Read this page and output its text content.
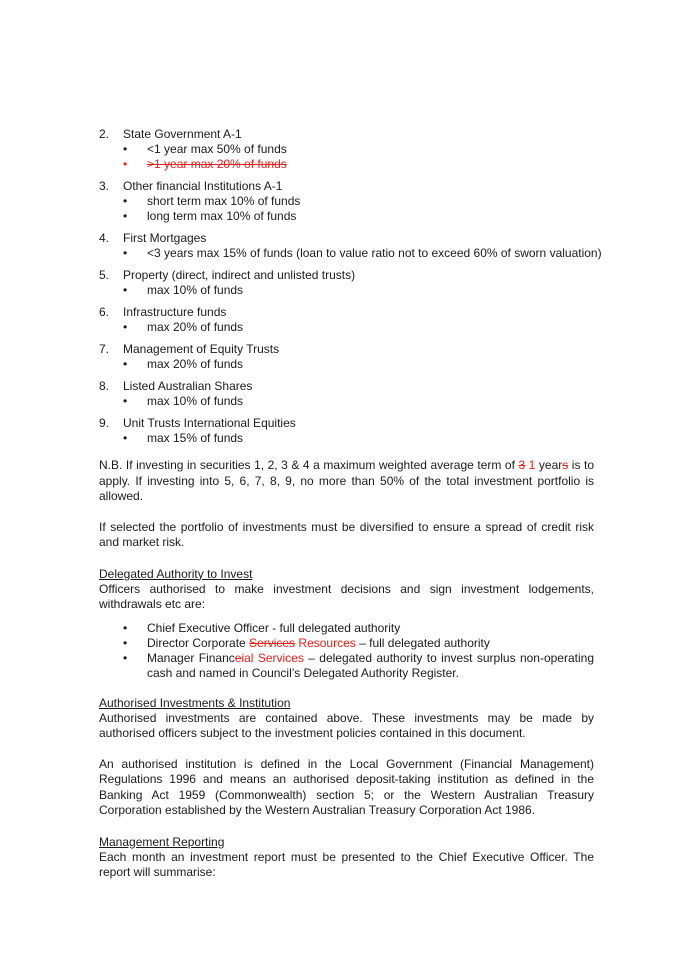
2. State Government A-1
• <1 year max 50% of funds
• >1 year max 20% of funds
3. Other financial Institutions A-1
• short term max 10% of funds
• long term max 10% of funds
4. First Mortgages
• <3 years max 15% of funds (loan to value ratio not to exceed 60% of sworn valuation)
5. Property (direct, indirect and unlisted trusts)
• max 10% of funds
6. Infrastructure funds
• max 20% of funds
7. Management of Equity Trusts
• max 20% of funds
8. Listed Australian Shares
• max 10% of funds
9. Unit Trusts International Equities
• max 15% of funds

N.B. If investing in securities 1, 2, 3 & 4 a maximum weighted average term of 3 1 years is to apply. If investing into 5, 6, 7, 8, 9, no more than 50% of the total investment portfolio is allowed.

If selected the portfolio of investments must be diversified to ensure a spread of credit risk and market risk.

Delegated Authority to Invest

Officers authorised to make investment decisions and sign investment lodgements, withdrawals etc are:

• Chief Executive Officer - full delegated authority
• Director Corporate Services Resources – full delegated authority
• Manager Financeial Services – delegated authority to invest surplus non-operating cash and named in Council’s Delegated Authority Register.
Authorised Investments & Institution

Authorised investments are contained above. These investments may be made by authorised officers subject to the investment policies contained in this document.

An authorised institution is defined in the Local Government (Financial Management) Regulations 1996 and means an authorised deposit-taking institution as defined in the Banking Act 1959 (Commonwealth) section 5; or the Western Australian Treasury Corporation established by the Western Australian Treasury Corporation Act 1986.

Management Reporting

Each month an investment report must be presented to the Chief Executive Officer. The report will summarise:
